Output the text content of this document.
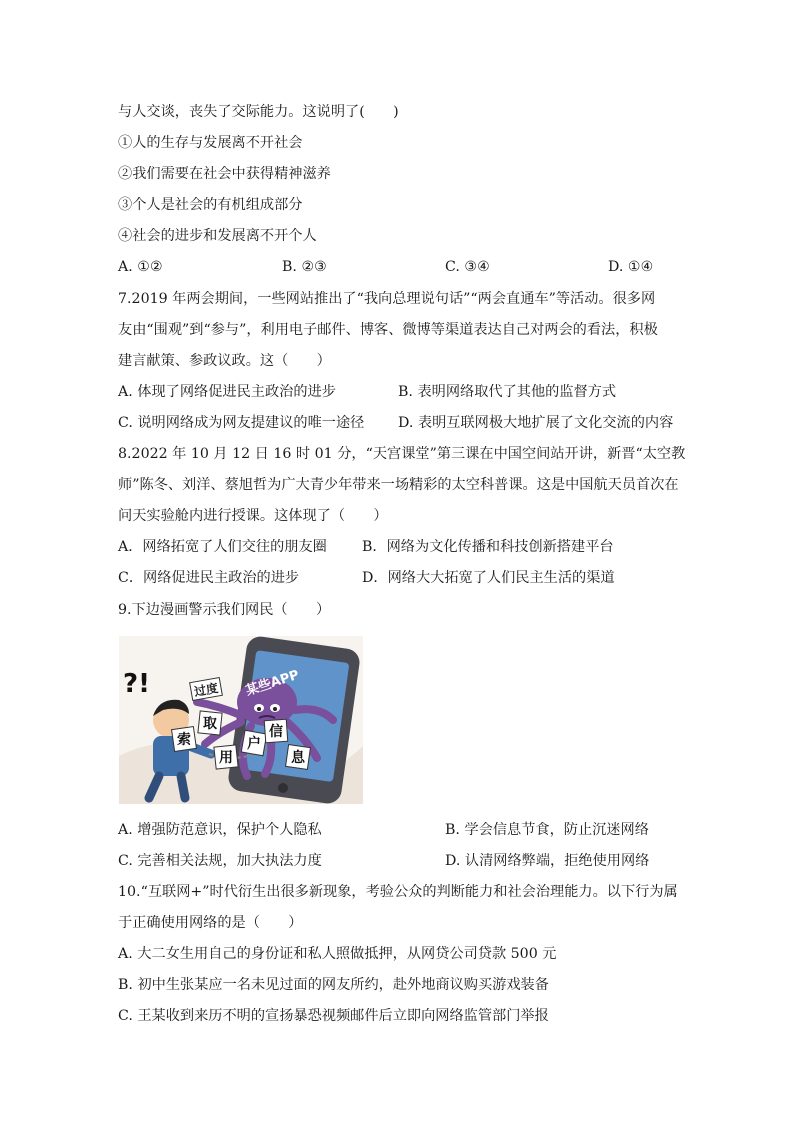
与人交谈，丧失了交际能力。这说明了(　　)
①人的生存与发展离不开社会
②我们需要在社会中获得精神滋养
③个人是社会的有机组成部分
④社会的进步和发展离不开个人
A. ①②	B. ②③	C. ③④	D. ①④
7.2019 年两会期间，一些网站推出了“我向总理说句话”“两会直通车”等活动。很多网
友由“围观”到“参与”，利用电子邮件、博客、微博等渠道表达自己对两会的看法，积极
建言献策、参政议政。这（　　）
A. 体现了网络促进民主政治的进步	B. 表明网络取代了其他的监督方式
C. 说明网络成为网友提建议的唯一途径 D. 表明互联网极大地扩展了文化交流的内容
8.2022 年 10 月 12 日 16 时 01 分，“天宫课堂”第三课在中国空间站开讲，新晋“太空教
师”陈冬、刘洋、蔡旭哲为广大青少年带来一场精彩的太空科普课。这是中国航天员首次在
问天实验舱内进行授课。这体现了（　　）
A．网络拓宽了人们交往的朋友圈 B．网络为文化传播和科技创新搭建平台
C．网络促进民主政治的进步	D．网络大大拓宽了人们民主生活的渠道
9.下边漫画警示我们网民（　　）
?!	某些APP
过度
索
取
用
户
信
息
A. 增强防范意识，保护个人隐私	B. 学会信息节食，防止沉迷网络
C. 完善相关法规，加大执法力度	D. 认清网络弊端，拒绝使用网络
10.“互联网+”时代衍生出很多新现象，考验公众的判断能力和社会治理能力。以下行为属
于正确使用网络的是（　　）
A. 大二女生用自己的身份证和私人照做抵押，从网贷公司贷款 500 元
B. 初中生张某应一名未见过面的网友所约，赴外地商议购买游戏装备
C. 王某收到来历不明的宣扬暴恐视频邮件后立即向网络监管部门举报
